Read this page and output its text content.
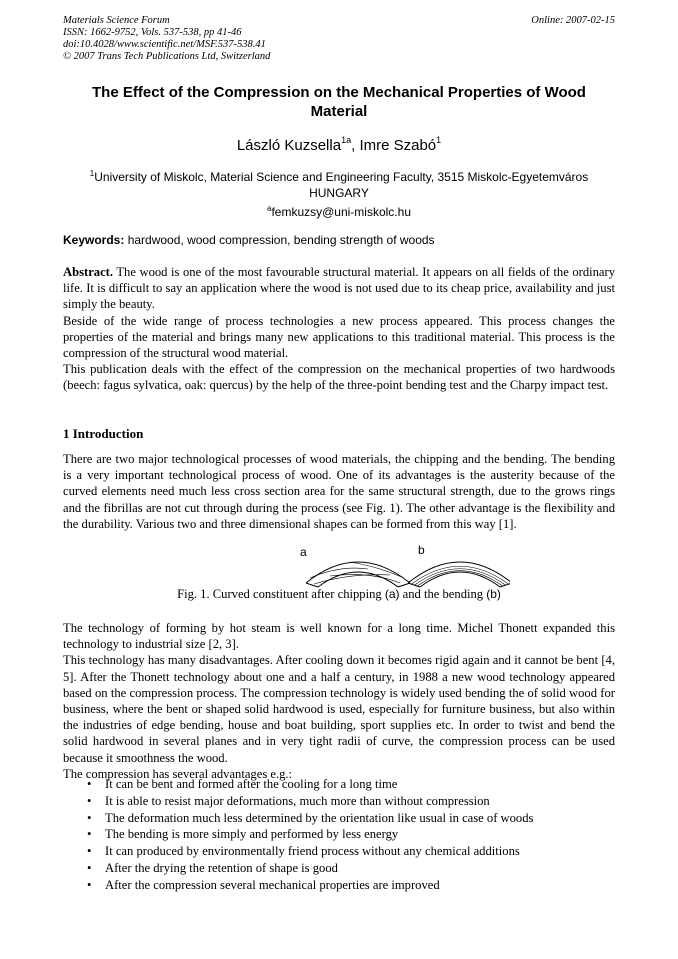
Materials Science Forum
ISSN: 1662-9752, Vols. 537-538, pp 41-46
doi:10.4028/www.scientific.net/MSF.537-538.41
© 2007 Trans Tech Publications Ltd, Switzerland
Online: 2007-02-15
The Effect of the Compression on the Mechanical Properties of Wood Material
László Kuzsella$^{1a}$, Imre Szabó$^1$
$^1$University of Miskolc, Material Science and Engineering Faculty, 3515 Miskolc-Egyetemváros
HUNGARY
$^a$femkuzsy@uni-miskolc.hu
Keywords: hardwood, wood compression, bending strength of woods
Abstract. The wood is one of the most favourable structural material. It appears on all fields of the ordinary life. It is difficult to say an application where the wood is not used due to its cheap price, availability and just simply the beauty.
Beside of the wide range of process technologies a new process appeared. This process changes the properties of the material and brings many new applications to this traditional material. This process is the compression of the structural wood material.
This publication deals with the effect of the compression on the mechanical properties of two hardwoods (beech: fagus sylvatica, oak: quercus) by the help of the three-point bending test and the Charpy impact test.
1 Introduction
There are two major technological processes of wood materials, the chipping and the bending. The bending is a very important technological process of wood. One of its advantages is the austerity because of the curved elements need much less cross section area for the same structural strength, due to the grows rings and the fibrillas are not cut through during the process (see Fig. 1). The other advantage is the flexibility and the durability. Various two and three dimensional shapes can be formed from this way [1].
a	b
Fig. 1. Curved constituent after chipping (a) and the bending (b)
The technology of forming by hot steam is well known for a long time. Michel Thonett expanded this technology to industrial size [2, 3].
This technology has many disadvantages. After cooling down it becomes rigid again and it cannot be bent [4, 5]. After the Thonett technology about one and a half a century, in 1988 a new wood technology appeared based on the compression process. The compression technology is widely used bending the of solid wood for business, where the bent or shaped solid hardwood is used, especially for furniture business, but also within the industries of edge bending, house and boat building, sport supplies etc. In order to twist and bend the solid hardwood in several planes and in very tight radii of curve, the compression process can be used because it smoothness the wood.
The compression has several advantages e.g.:
• It can be bent and formed after the cooling for a long time
• It is able to resist major deformations, much more than without compression
• The deformation much less determined by the orientation like usual in case of woods
• The bending is more simply and performed by less energy
• It can produced by environmentally friend process without any chemical additions
• After the drying the retention of shape is good
• After the compression several mechanical properties are improved
